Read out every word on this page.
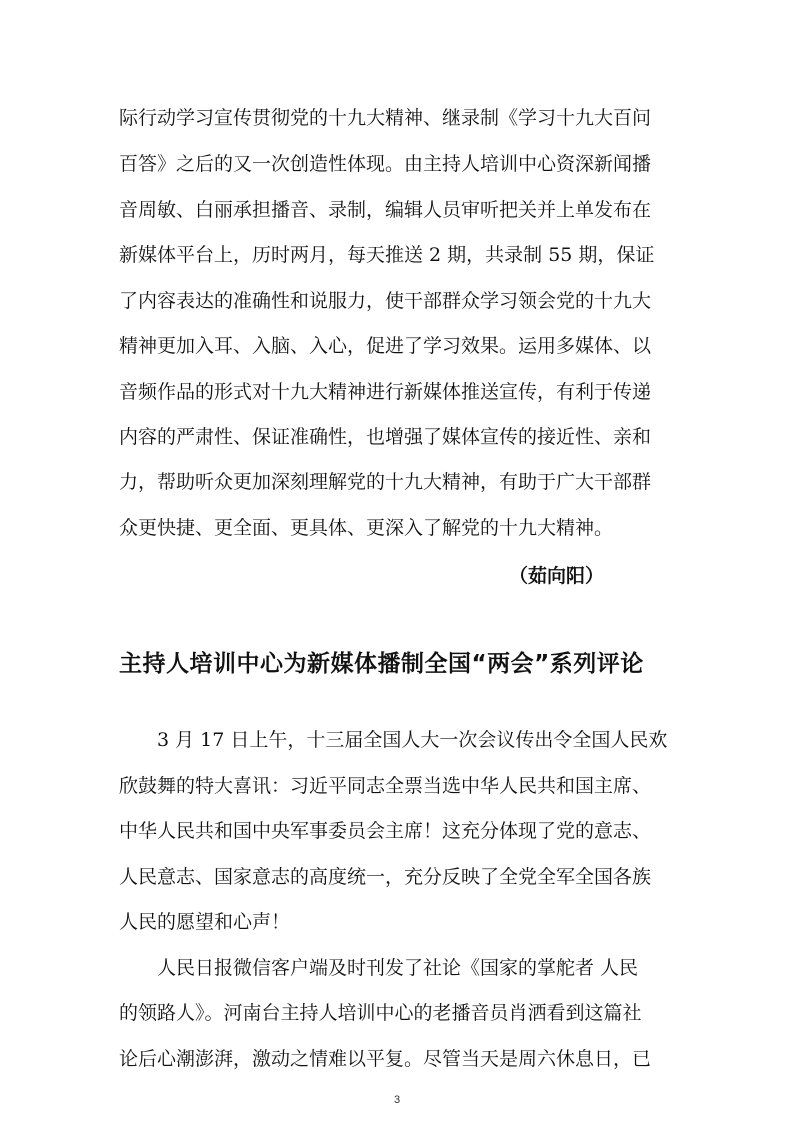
际行动学习宣传贯彻党的十九大精神、继录制《学习十九大百问
百答》之后的又一次创造性体现。由主持人培训中心资深新闻播
音周敏、白丽承担播音、录制，编辑人员审听把关并上单发布在
新媒体平台上，历时两月，每天推送 2 期，共录制 55 期，保证
了内容表达的准确性和说服力，使干部群众学习领会党的十九大
精神更加入耳、入脑、入心，促进了学习效果。运用多媒体、以
音频作品的形式对十九大精神进行新媒体推送宣传，有利于传递
内容的严肃性、保证准确性，也增强了媒体宣传的接近性、亲和
力，帮助听众更加深刻理解党的十九大精神，有助于广大干部群
众更快捷、更全面、更具体、更深入了解党的十九大精神。
（茹向阳）
主持人培训中心为新媒体播制全国“两会”系列评论
3 月 17 日上午，十三届全国人大一次会议传出令全国人民欢
欣鼓舞的特大喜讯：习近平同志全票当选中华人民共和国主席、
中华人民共和国中央军事委员会主席！这充分体现了党的意志、
人民意志、国家意志的高度统一，充分反映了全党全军全国各族
人民的愿望和心声！
人民日报微信客户端及时刊发了社论《国家的掌舵者 人民
的领路人》。河南台主持人培训中心的老播音员肖洒看到这篇社
论后心潮澎湃，激动之情难以平复。尽管当天是周六休息日，已
3
